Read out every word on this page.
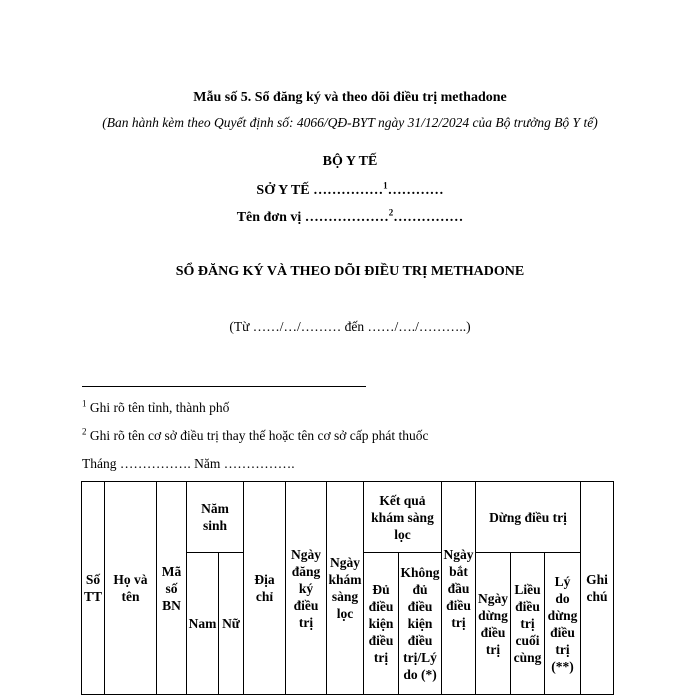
Mẫu số 5. Sổ đăng ký và theo dõi điều trị methadone
(Ban hành kèm theo Quyết định số: 4066/QĐ-BYT ngày 31/12/2024 của Bộ trưởng Bộ Y tế)
BỘ Y TẾ
SỞ Y TẾ ……………$^1$…………
Tên đơn vị ………………$^2$……………
SỔ ĐĂNG KÝ VÀ THEO DÕI ĐIỀU TRỊ METHADONE
(Từ ……/…/……… đến ……/…./………..)
$^1$ Ghi rõ tên tỉnh, thành phố
$^2$ Ghi rõ tên cơ sở điều trị thay thế hoặc tên cơ sở cấp phát thuốc
Tháng ……………. Năm …………….
Số TT	Họ và tên	Mã số BN	Năm sinh		Địa chỉ	Ngày đăng ký điều trị	Ngày khám sàng lọc	Kết quả khám sàng lọc		Ngày bắt đầu điều trị	Dừng điều trị			Ghi chú
			Nam	Nữ				Đủ điều kiện điều trị	Không đủ điều kiện điều trị/Lý do (*)		Ngày dừng điều trị	Liều điều trị cuối cùng	Lý do dừng điều trị (**)	
